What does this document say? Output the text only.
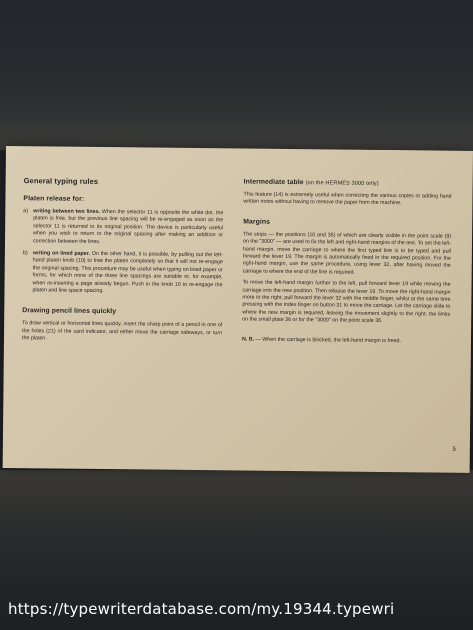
General typing rules
Platen release for:
a) writing between two lines. When the selector 11 is opposite the white dot, the platen is free, but the previous line spacing will be re-engaged as soon as the selector 11 is returned to its original position. The device is particularly useful when you wish to return to the original spacing after making an addition or correction between the lines.
b) writing on lined paper. On the other hand, it is possible, by pulling out the left-hand platen knob (10) to free the platen completely so that it will not re-engage the original spacing. This procedure may be useful when typing on lined paper or forms, for which none of the three line spacings are suitable or, for example, when re-inserting a page already begun. Push in the knob 10 to re-engage the platen and line space spacing.
Drawing pencil lines quickly

To draw vertical or horizontal lines quickly, insert the sharp point of a pencil in one of the holes (21) of the card indicator, and either move the carriage sideways, or turn the platen.

Intermediate table (on the HERMES 3000 only)

This feature (14) is extremely useful when correcting the various copies or adding hand written notes without having to remove the paper from the machine.

Margins

The stops — the positions (10 and 35) of which are clearly visible in the point scale (9) on the "3000" — are used to fix the left and right-hand margins of the text. To set the left-hand margin, move the carriage to where the first typed line is to be typed and pull forward the lever 19. The margin is automatically fixed in the required position. For the right-hand margin, use the same procedure, using lever 32, after having moved the carriage to where the end of the line is required.

To move the left-hand margin further to the left, pull forward lever 19 while moving the carriage into the new position. Then release the lever 19. To move the right-hand margin more to the right, pull forward the lever 32 with the middle finger, whilst at the same time pressing with the index finger on button 31 to move the carriage. Let the carriage slide to where the new margin is required, leaving the movement slightly to the right; the limits on the small plate 36 or for the "3000" on the point scale 36.

N. B. — When the carriage is blocked, the left-hand margin is freed.

5
https://typewriterdatabase.com/my.19344.typewri
